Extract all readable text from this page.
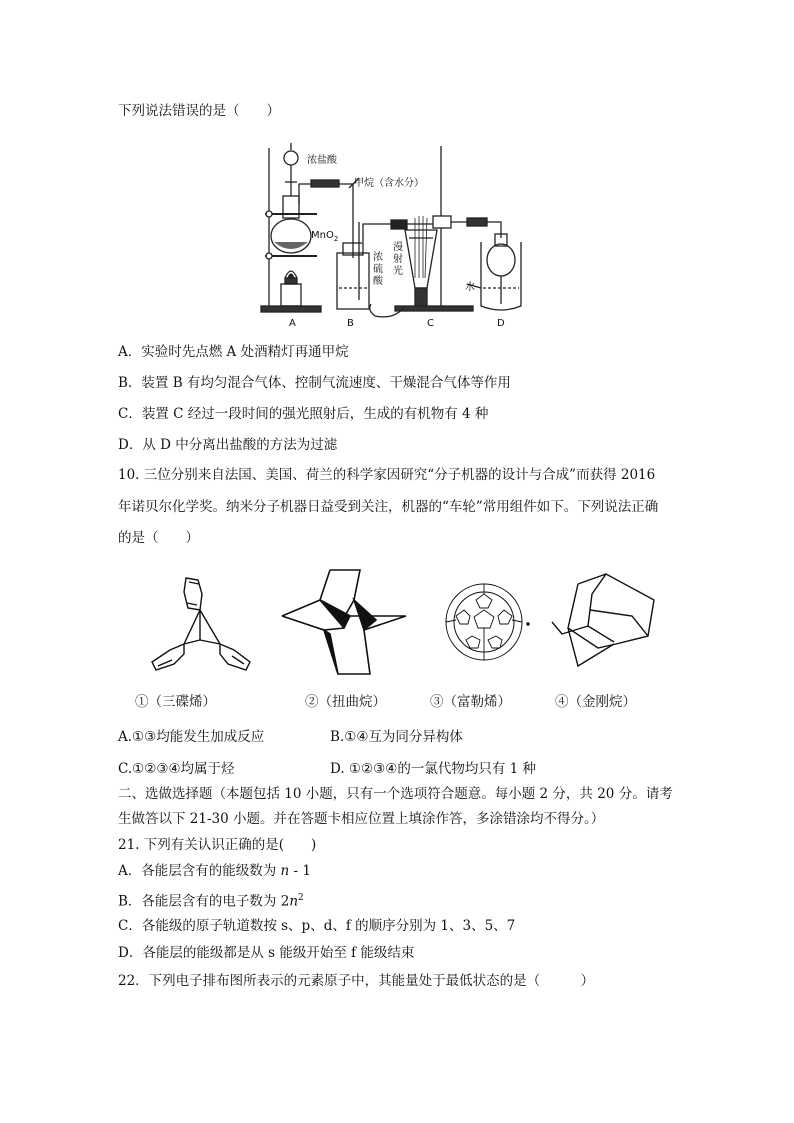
下列说法错误的是（　　）
浓盐酸
甲烷（含水分）
MnO$_2$
浓
硫
酸
漫
射
光
水
A	B	C	D
A．实验时先点燃 A 处酒精灯再通甲烷
B．装置 B 有均匀混合气体、控制气流速度、干燥混合气体等作用
C．装置 C 经过一段时间的强光照射后，生成的有机物有 4 种
D．从 D 中分离出盐酸的方法为过滤
10. 三位分别来自法国、美国、荷兰的科学家因研究“分子机器的设计与合成”而获得 2016
年诺贝尔化学奖。纳米分子机器日益受到关注，机器的“车轮”常用组件如下。下列说法正确
的是（　　）
①（三碟烯）	②（扭曲烷）	③（富勒烯）	④（金刚烷）
A.①③均能发生加成反应	B.①④互为同分异构体
C.①②③④均属于烃	D. ①②③④的一氯代物均只有 1 种
二、选做选择题（本题包括 10 小题，只有一个选项符合题意。每小题 2 分，共 20 分。请考
生做答以下 21-30 小题。并在答题卡相应位置上填涂作答，多涂错涂均不得分。）
21. 下列有关认识正确的是(　　)
A．各能层含有的能级数为 n - 1
B．各能层含有的电子数为 $2n^2$
C．各能级的原子轨道数按 s、p、d、f 的顺序分别为 1、3、5、7
D．各能层的能级都是从 s 能级开始至 f 能级结束
22．下列电子排布图所表示的元素原子中，其能量处于最低状态的是（　　　）
